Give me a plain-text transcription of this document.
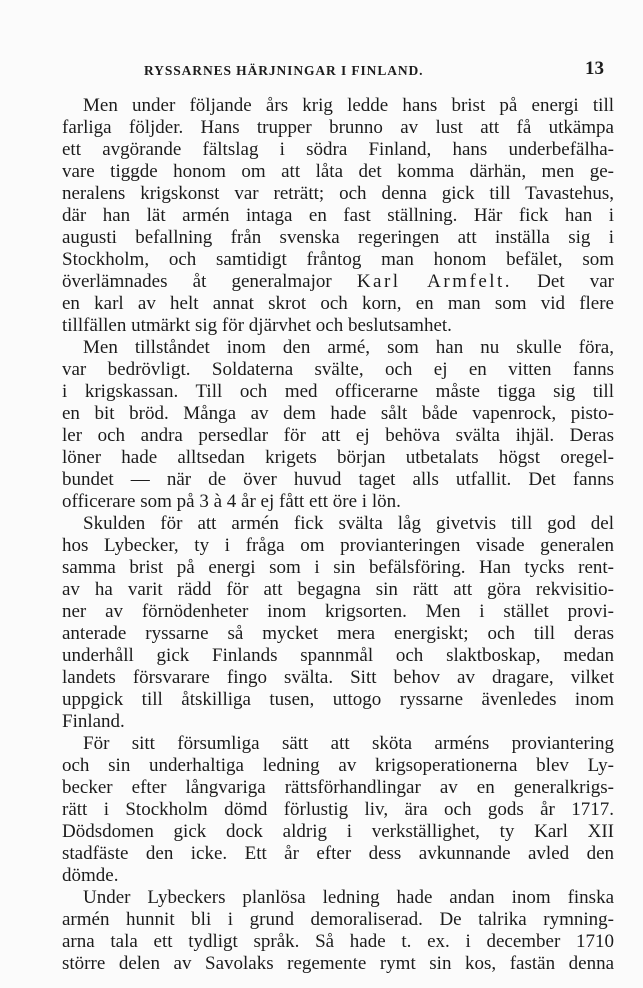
RYSSARNES HÄRJNINGAR I FINLAND.	13
Men under följande års krig ledde hans brist på energi till
farliga följder. Hans trupper brunno av lust att få utkämpa
ett avgörande fältslag i södra Finland, hans underbefälha-
vare tiggde honom om att låta det komma därhän, men ge-
neralens krigskonst var reträtt; och denna gick till Tavastehus,
där han lät armén intaga en fast ställning. Här fick han i
augusti befallning från svenska regeringen att inställa sig i
Stockholm, och samtidigt fråntog man honom befälet, som
överlämnades åt generalmajor Karl Armfelt. Det var
en karl av helt annat skrot och korn, en man som vid flere
tillfällen utmärkt sig för djärvhet och beslutsamhet.
Men tillståndet inom den armé, som han nu skulle föra,
var bedrövligt. Soldaterna svälte, och ej en vitten fanns
i krigskassan. Till och med officerarne måste tigga sig till
en bit bröd. Många av dem hade sålt både vapenrock, pisto-
ler och andra persedlar för att ej behöva svälta ihjäl. Deras
löner hade alltsedan krigets början utbetalats högst oregel-
bundet — när de över huvud taget alls utfallit. Det fanns
officerare som på 3 à 4 år ej fått ett öre i lön.
Skulden för att armén fick svälta låg givetvis till god del
hos Lybecker, ty i fråga om provianteringen visade generalen
samma brist på energi som i sin befälsföring. Han tycks rent-
av ha varit rädd för att begagna sin rätt att göra rekvisitio-
ner av förnödenheter inom krigsorten. Men i stället provi-
anterade ryssarne så mycket mera energiskt; och till deras
underhåll gick Finlands spannmål och slaktboskap, medan
landets försvarare fingo svälta. Sitt behov av dragare, vilket
uppgick till åtskilliga tusen, uttogo ryssarne ävenledes inom
Finland.
För sitt försumliga sätt att sköta arméns proviantering
och sin underhaltiga ledning av krigsoperationerna blev Ly-
becker efter långvariga rättsförhandlingar av en generalkrigs-
rätt i Stockholm dömd förlustig liv, ära och gods år 1717.
Dödsdomen gick dock aldrig i verkställighet, ty Karl XII
stadfäste den icke. Ett år efter dess avkunnande avled den
dömde.
Under Lybeckers planlösa ledning hade andan inom finska
armén hunnit bli i grund demoraliserad. De talrika rymning-
arna tala ett tydligt språk. Så hade t. ex. i december 1710
större delen av Savolaks regemente rymt sin kos, fastän denna
